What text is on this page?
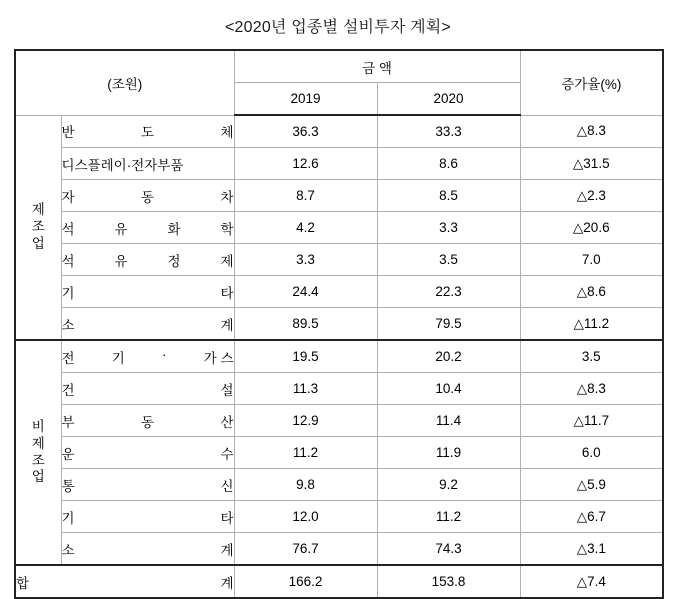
<2020년 업종별 설비투자 계획>
(조원)		금 액		증가율(%)
		2019	2020	
제
조
업	반 도 체	36.3	33.3	△8.3

	디스플레이·전자부품	12.6	8.6	△31.5

	자 동 차	8.7	8.5	△2.3

	석 유 화 학	4.2	3.3	△20.6

	석 유 정 제	3.3	3.5	7.0

	기 타	24.4	22.3	△8.6

	소 계	89.5	79.5	△11.2
비
제
조
업	전 기 · 가 스	19.5	20.2	3.5

	건 설	11.3	10.4	△8.3

	부 동 산	12.9	11.4	△11.7

	운 수	11.2	11.9	6.0

	통 신	9.8	9.2	△5.9

	기 타	12.0	11.2	△6.7

	소 계	76.7	74.3	△3.1

합 계		166.2	153.8	△7.4
